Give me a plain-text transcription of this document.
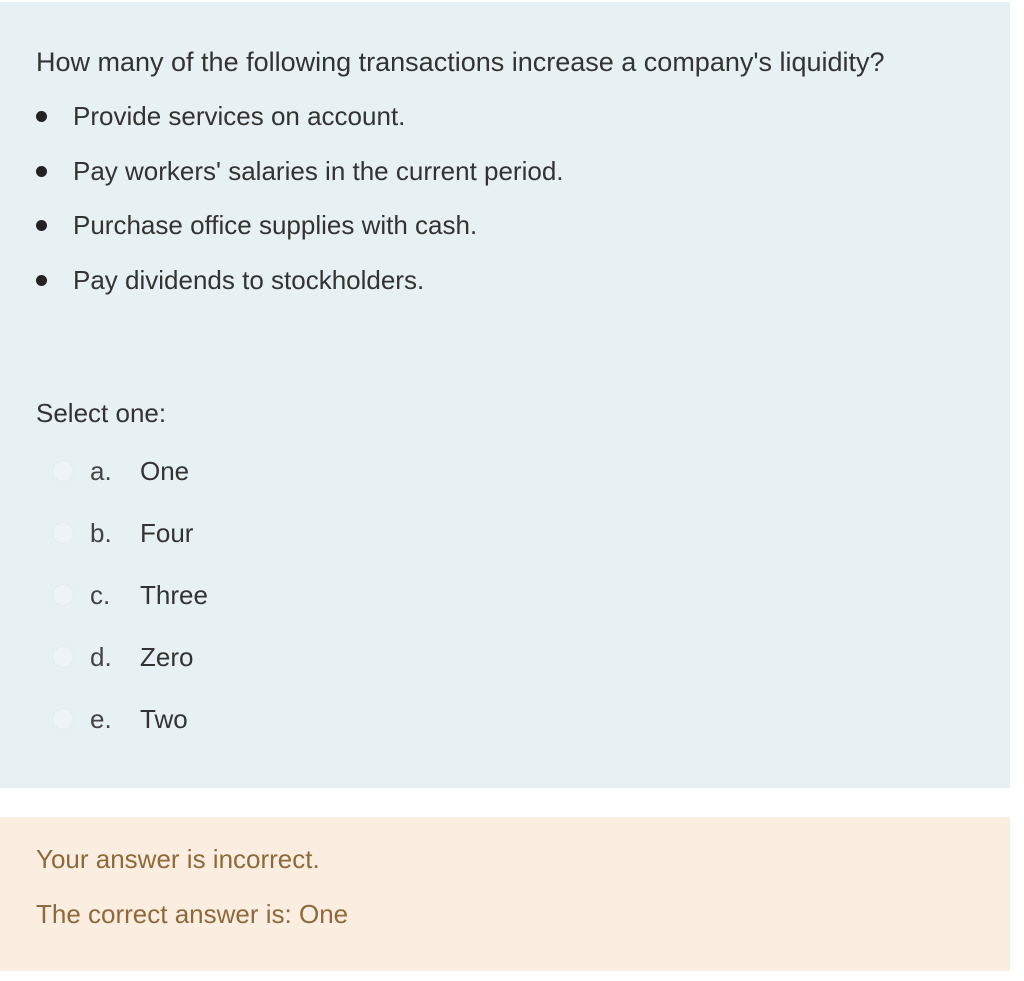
How many of the following transactions increase a company's liquidity?
Provide services on account.
Pay workers' salaries in the current period.
Purchase office supplies with cash.
Pay dividends to stockholders.
Select one:
a. One
b. Four
c. Three
d. Zero
e. Two
Your answer is incorrect.
The correct answer is: One
